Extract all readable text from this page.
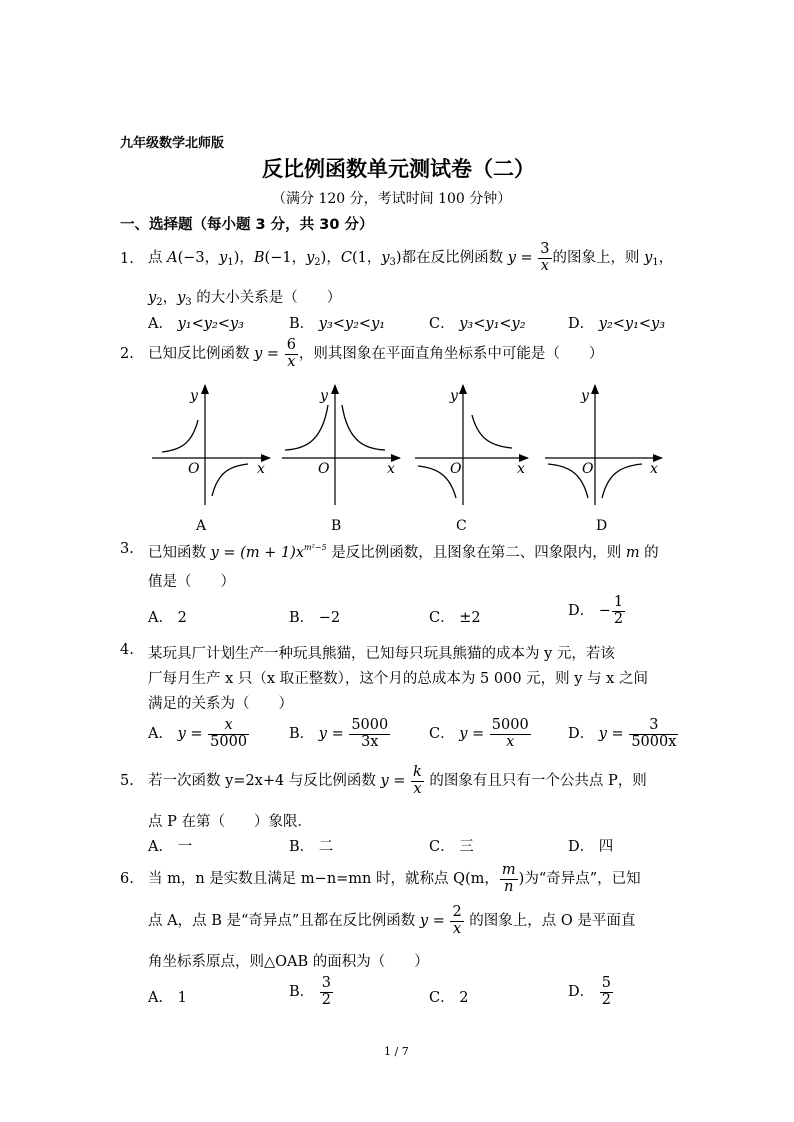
九年级数学北师版
反比例函数单元测试卷（二）
（满分 120 分，考试时间 100 分钟）
一、选择题（每小题 3 分，共 30 分）
1. 点 A(−3，$y_1$)，B(−1，$y_2$)，C(1，$y_3$)都在反比例函数 $y = \frac{3}{x}$ 的图象上，则 $y_1$，
$y_2$，$y_3$ 的大小关系是（　　）
A． y₁<y₂<y₃	B． y₃<y₂<y₁	C． y₃<y₁<y₂	D． y₂<y₁<y₃
2. 已知反比例函数 $y = \frac{6}{x}$ ，则其图象在平面直角坐标系中可能是（　　）
y
x
O
y
x
O
y
x
O
y
x
O
A	B	C	D
3. 已知函数 $y = (m + 1)x^{m^2-5}$ 是反比例函数，且图象在第二、四象限内，则 m 的
值是（　　）
A． 2	B． −2	C． ±2	D． − $\frac{1}{2}$
4. 某玩具厂计划生产一种玩具熊猫，已知每只玩具熊猫的成本为 y 元，若该
厂每月生产 x 只（x 取正整数），这个月的总成本为 5 000 元，则 y 与 x 之间
满足的关系为（　　）
A． $y = \frac{x}{5000}$	B． $y = \frac{5000}{3x}$	C． $y = \frac{5000}{x}$	D． $y = \frac{3}{5000x}$
5. 若一次函数 y=2x+4 与反比例函数 $y = \frac{k}{x}$ 的图象有且只有一个公共点 P，则
点 P 在第（　　）象限．
A． 一	B． 二	C． 三	D． 四
6. 当 m，n 是实数且满足 m−n=mn 时，就称点 Q(m， $\frac{m}{n}$ )为“奇异点”，已知
点 A，点 B 是“奇异点”且都在反比例函数 $y = \frac{2}{x}$ 的图象上，点 O 是平面直
角坐标系原点，则△OAB 的面积为（　　）
A． 1	B． $\frac{3}{2}$	C． 2	D． $\frac{5}{2}$
1 / 7
